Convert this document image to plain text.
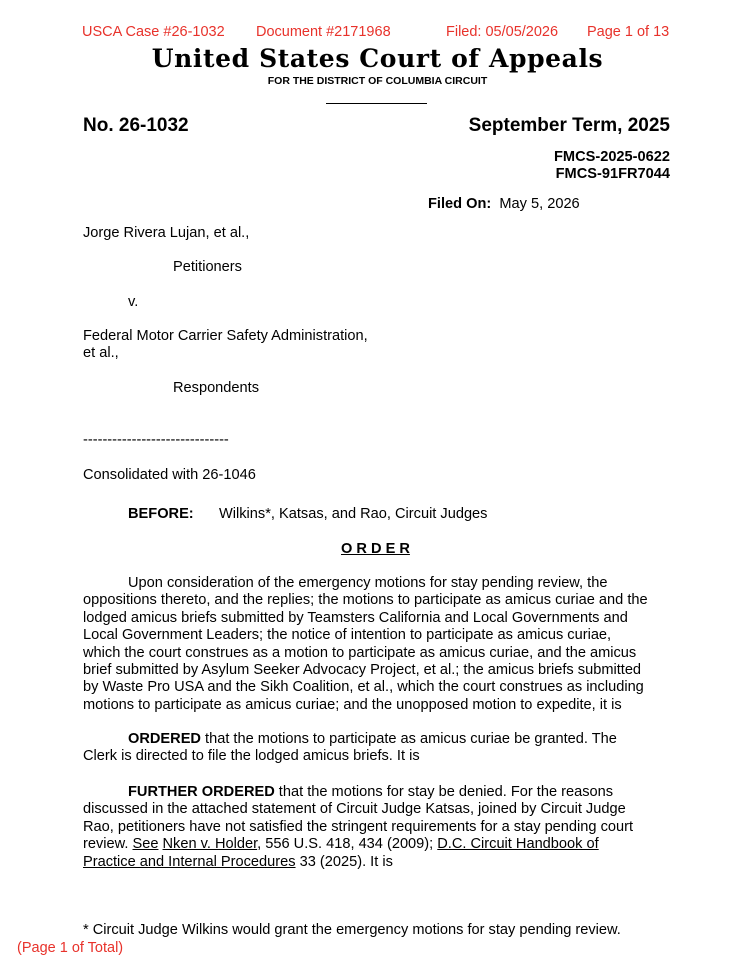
USCA Case #26-1032 Document #2171968	Filed: 05/05/2026 Page 1 of 13
United States Court of Appeals
FOR THE DISTRICT OF COLUMBIA CIRCUIT
No. 26-1032	September Term, 2025
FMCS-2025-0622
FMCS-91FR7044
Filed On: May 5, 2026
Jorge Rivera Lujan, et al.,
Petitioners
v.
Federal Motor Carrier Safety Administration,
et al.,
Respondents
------------------------------
Consolidated with 26-1046
BEFORE: Wilkins*, Katsas, and Rao, Circuit Judges
O R D E R
Upon consideration of the emergency motions for stay pending review, the
oppositions thereto, and the replies; the motions to participate as amicus curiae and the
lodged amicus briefs submitted by Teamsters California and Local Governments and
Local Government Leaders; the notice of intention to participate as amicus curiae,
which the court construes as a motion to participate as amicus curiae, and the amicus
brief submitted by Asylum Seeker Advocacy Project, et al.; the amicus briefs submitted
by Waste Pro USA and the Sikh Coalition, et al., which the court construes as including
motions to participate as amicus curiae; and the unopposed motion to expedite, it is
ORDERED that the motions to participate as amicus curiae be granted. The
Clerk is directed to file the lodged amicus briefs. It is
FURTHER ORDERED that the motions for stay be denied. For the reasons
discussed in the attached statement of Circuit Judge Katsas, joined by Circuit Judge
Rao, petitioners have not satisfied the stringent requirements for a stay pending court
review. See Nken v. Holder, 556 U.S. 418, 434 (2009); D.C. Circuit Handbook of
Practice and Internal Procedures 33 (2025). It is
* Circuit Judge Wilkins would grant the emergency motions for stay pending review.
(Page 1 of Total)
